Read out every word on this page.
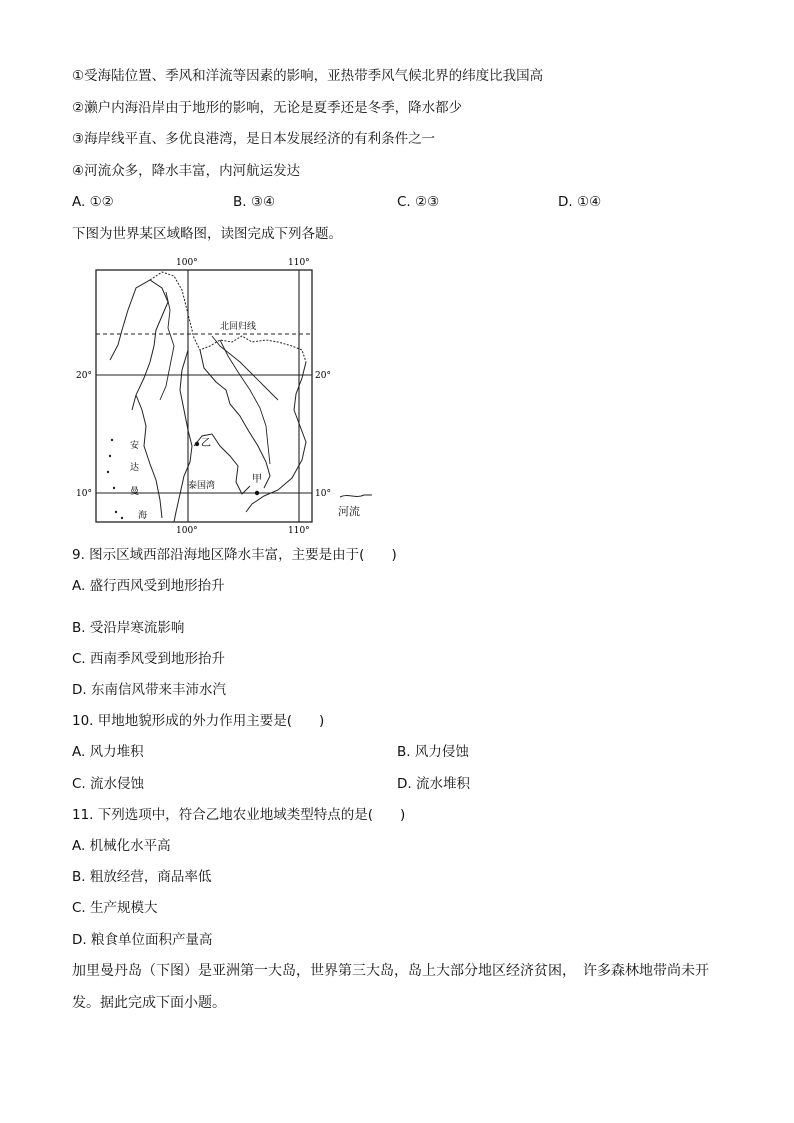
①受海陆位置、季风和洋流等因素的影响，亚热带季风气候北界的纬度比我国高
②濑户内海沿岸由于地形的影响，无论是夏季还是冬季，降水都少
③海岸线平直、多优良港湾，是日本发展经济的有利条件之一
④河流众多，降水丰富，内河航运发达
A. ①②	B. ③④	C. ②③	D. ①④
下图为世界某区域略图，读图完成下列各题。
100°	110°
100°	110°
20°
10°
20°
10°
北回归线
安
达
曼
海
泰国湾
乙
甲
河流
9. 图示区域西部沿海地区降水丰富，主要是由于(　　)
A. 盛行西风受到地形抬升
B. 受沿岸寒流影响
C. 西南季风受到地形抬升
D. 东南信风带来丰沛水汽
10. 甲地地貌形成的外力作用主要是(　　)
A. 风力堆积	B. 风力侵蚀
C. 流水侵蚀	D. 流水堆积
11. 下列选项中，符合乙地农业地域类型特点的是(　　)
A. 机械化水平高
B. 粗放经营，商品率低
C. 生产规模大
D. 粮食单位面积产量高
加里曼丹岛（下图）是亚洲第一大岛，世界第三大岛，岛上大部分地区经济贫困，　许多森林地带尚未开
发。据此完成下面小题。
